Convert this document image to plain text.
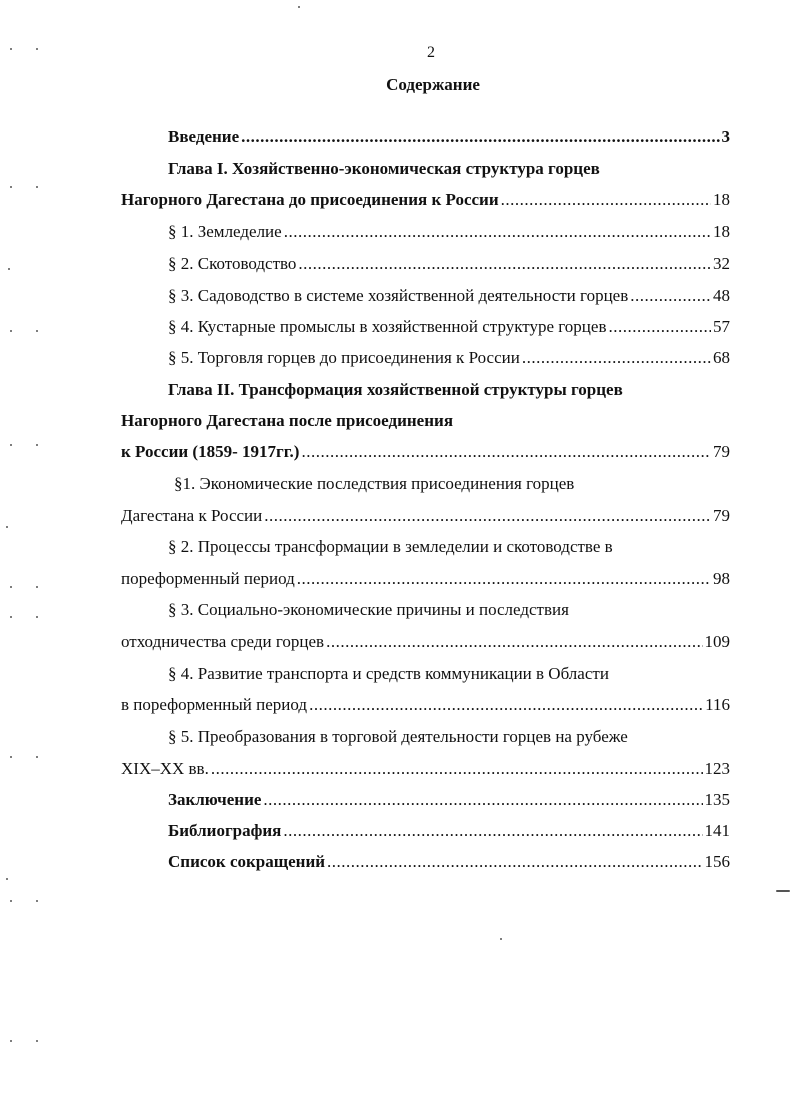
2
Содержание
Введение .....	3
Глава I. Хозяйственно-экономическая структура горцев
Нагорного Дагестана до присоединения к России .....	18
§ 1. Земледелие .....	18
§ 2. Скотоводство .....	32
§ 3. Садоводство в системе хозяйственной деятельности горцев .....	48
§ 4. Кустарные промыслы в хозяйственной структуре горцев .....	57
§ 5. Торговля горцев до присоединения к России .....	68
Глава II. Трансформация хозяйственной структуры горцев
Нагорного Дагестана после присоединения
к России (1859- 1917гг.) .....	79
§1. Экономические последствия присоединения горцев
Дагестана к России .....	79
§ 2. Процессы трансформации в земледелии и скотоводстве в
пореформенный период .....	98
§ 3. Социально-экономические причины и последствия
отходничества среди горцев .....	109
§ 4. Развитие транспорта и средств коммуникации в Области
в пореформенный период .....	116
§ 5. Преобразования в торговой деятельности горцев на рубеже
XIX–XX вв. .....	123
Заключение .....	135
Библиография .....	141
Список сокращений .....	156
